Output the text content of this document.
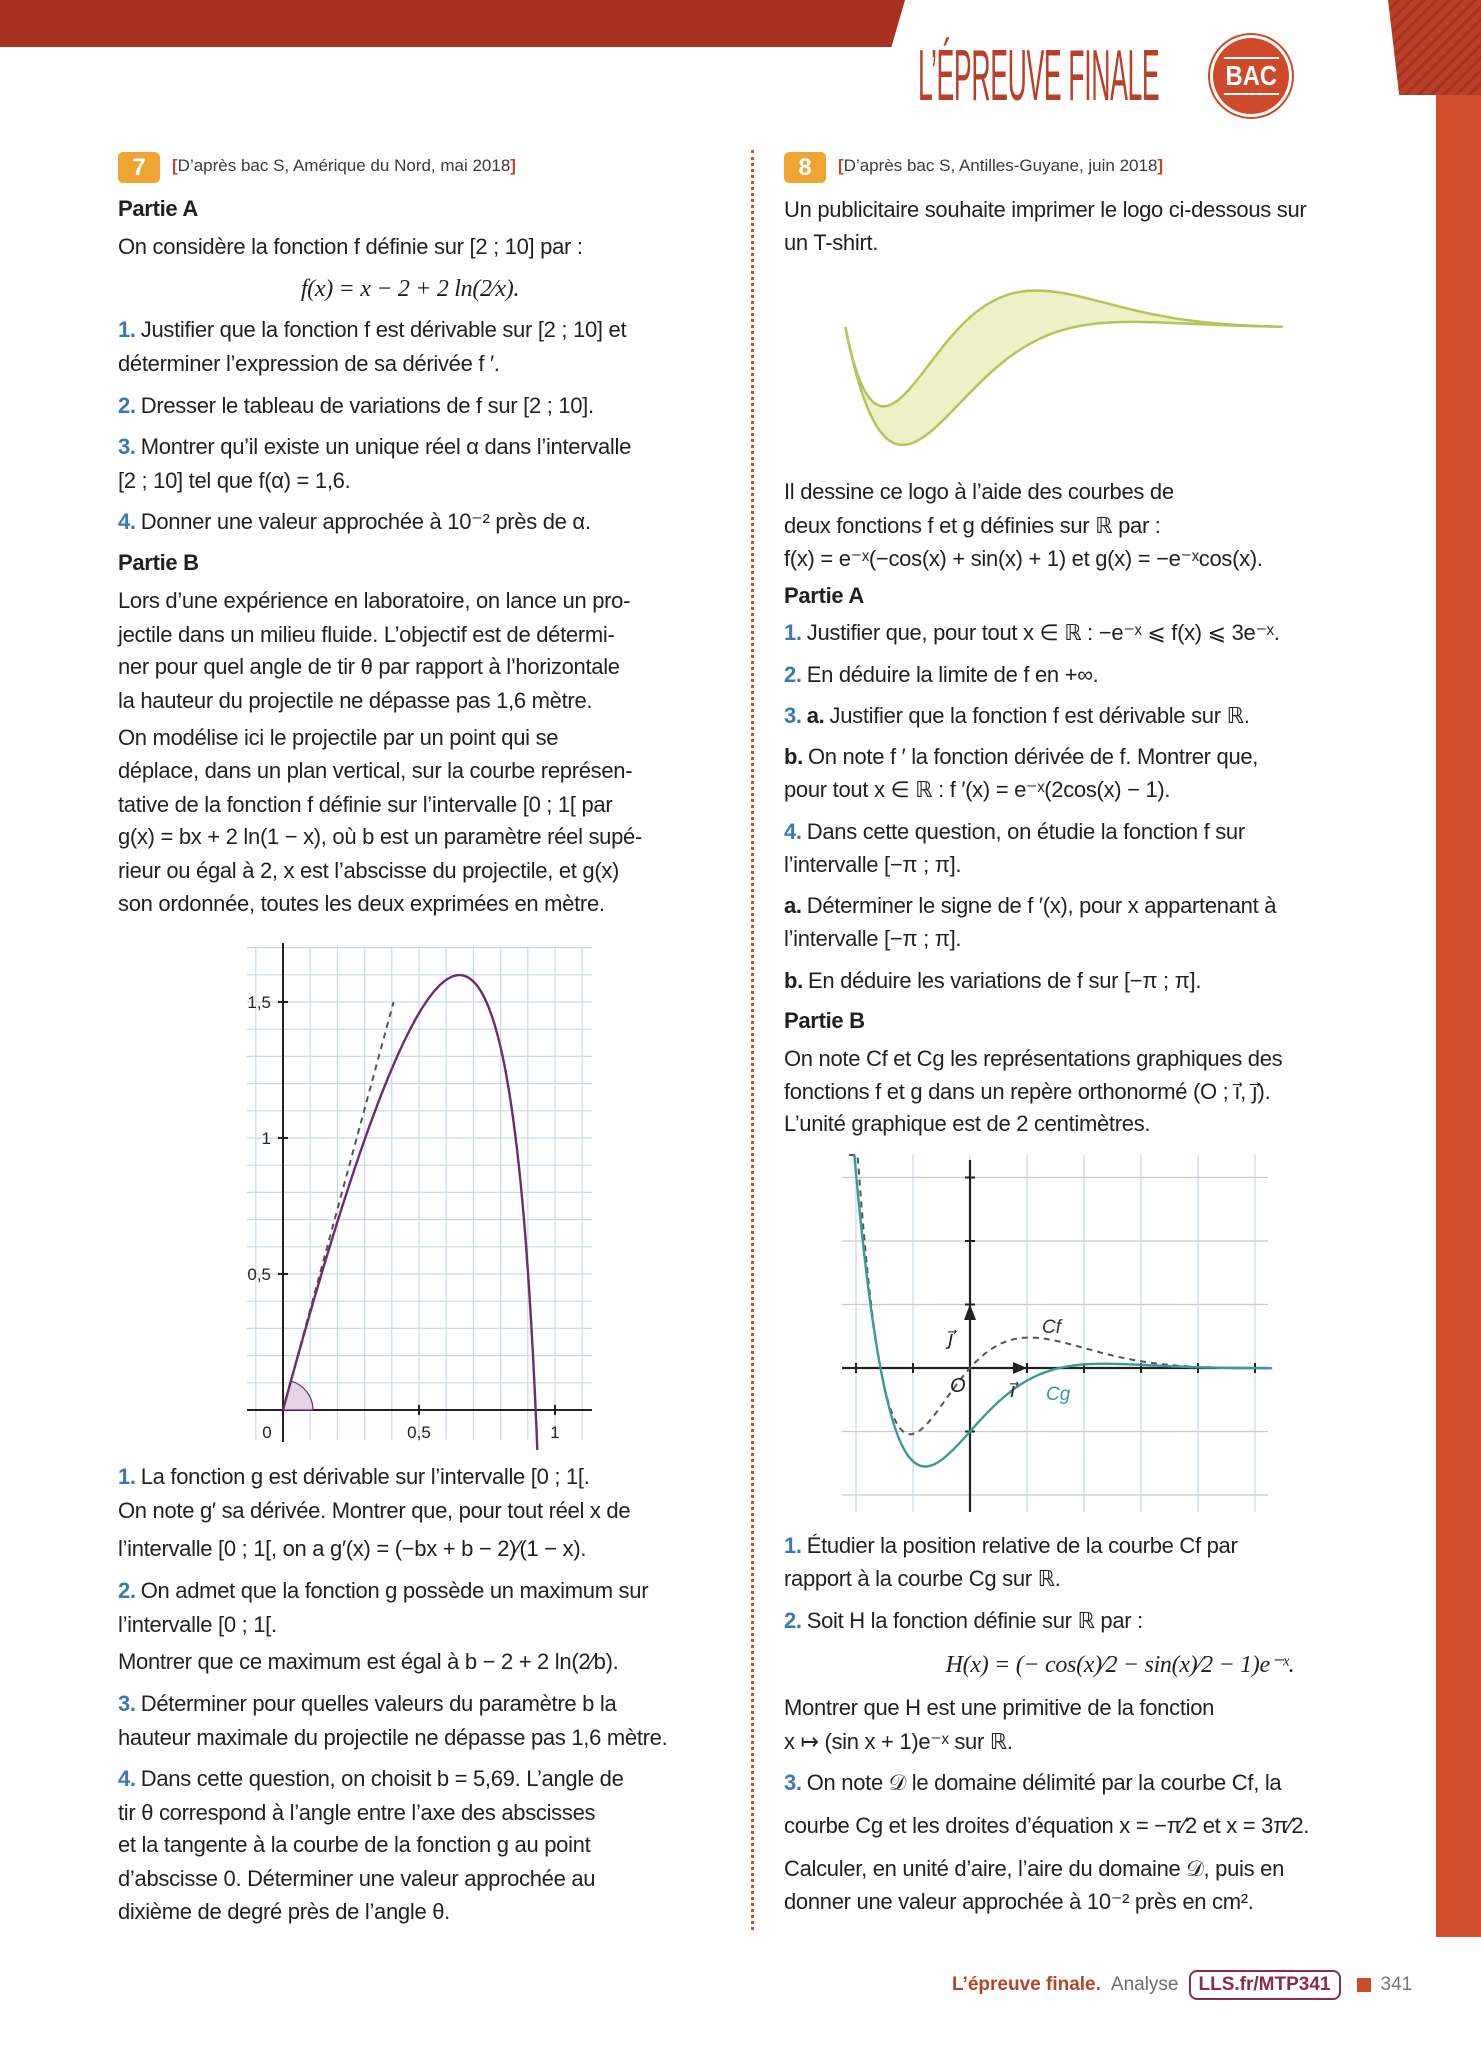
L’ÉPREUVE FINALE BAC
7	[D’après bac S, Amérique du Nord, mai 2018]	8	[D’après bac S, Antilles-Guyane, juin 2018]
Partie A
On considère la fonction f définie sur [2 ; 10] par :
f(x) = x − 2 + 2 ln(2⁄x).
1. Justifier que la fonction f est dérivable sur [2 ; 10] et
déterminer l’expression de sa dérivée f ′.
2. Dresser le tableau de variations de f sur [2 ; 10].
3. Montrer qu’il existe un unique réel α dans l’intervalle
[2 ; 10] tel que f(α) = 1,6.
4. Donner une valeur approchée à 10⁻² près de α.
Partie B
Lors d’une expérience en laboratoire, on lance un pro-
jectile dans un milieu fluide. L’objectif est de détermi-
ner pour quel angle de tir θ par rapport à l’horizontale
la hauteur du projectile ne dépasse pas 1,6 mètre.
On modélise ici le projectile par un point qui se
déplace, dans un plan vertical, sur la courbe représen-
tative de la fonction f définie sur l’intervalle [0 ; 1[ par
g(x) = bx + 2 ln(1 − x), où b est un paramètre réel supé-
rieur ou égal à 2, x est l’abscisse du projectile, et g(x)
son ordonnée, toutes les deux exprimées en mètre.
1. La fonction g est dérivable sur l’intervalle [0 ; 1[.
On note g′ sa dérivée. Montrer que, pour tout réel x de
l’intervalle [0 ; 1[, on a g′(x) = (−bx + b − 2)⁄(1 − x).
2. On admet que la fonction g possède un maximum sur
l’intervalle [0 ; 1[.
Montrer que ce maximum est égal à b − 2 + 2 ln(2⁄b).
3. Déterminer pour quelles valeurs du paramètre b la
hauteur maximale du projectile ne dépasse pas 1,6 mètre.
4. Dans cette question, on choisit b = 5,69. L’angle de
tir θ correspond à l’angle entre l’axe des abscisses
et la tangente à la courbe de la fonction g au point
d’abscisse 0. Déterminer une valeur approchée au
dixième de degré près de l’angle θ.
Un publicitaire souhaite imprimer le logo ci-dessous sur
un T-shirt.
Il dessine ce logo à l’aide des courbes de
deux fonctions f et g définies sur ℝ par :
f(x) = e⁻ˣ(−cos(x) + sin(x) + 1) et g(x) = −e⁻ˣcos(x).
Partie A
1. Justifier que, pour tout x ∈ ℝ : −e⁻ˣ ⩽ f(x) ⩽ 3e⁻ˣ.
2. En déduire la limite de f en +∞.
3. a. Justifier que la fonction f est dérivable sur ℝ.
b. On note f ′ la fonction dérivée de f. Montrer que,
pour tout x ∈ ℝ : f ′(x) = e⁻ˣ(2cos(x) − 1).
4. Dans cette question, on étudie la fonction f sur
l’intervalle [−π ; π].
a. Déterminer le signe de f ′(x), pour x appartenant à
l’intervalle [−π ; π].
b. En déduire les variations de f sur [−π ; π].
Partie B
On note Cf et Cg les représentations graphiques des
fonctions f et g dans un repère orthonormé (O ; i⃗, j⃗).
L’unité graphique est de 2 centimètres.
1. Étudier la position relative de la courbe Cf par
rapport à la courbe Cg sur ℝ.
2. Soit H la fonction définie sur ℝ par :
H(x) = (− cos(x)⁄2 − sin(x)⁄2 − 1)e⁻ˣ.
Montrer que H est une primitive de la fonction
x ↦ (sin x + 1)e⁻ˣ sur ℝ.
3. On note 𝒟 le domaine délimité par la courbe Cf, la
courbe Cg et les droites d’équation x = −π⁄2 et x = 3π⁄2.
Calculer, en unité d’aire, l’aire du domaine 𝒟, puis en
donner une valeur approchée à 10⁻² près en cm².
0,5	1
0,5
1
1,5
0
O i⃗
j⃗
Cf
Cg
L’épreuve finale. Analyse	LLS.fr/MTP341	341
